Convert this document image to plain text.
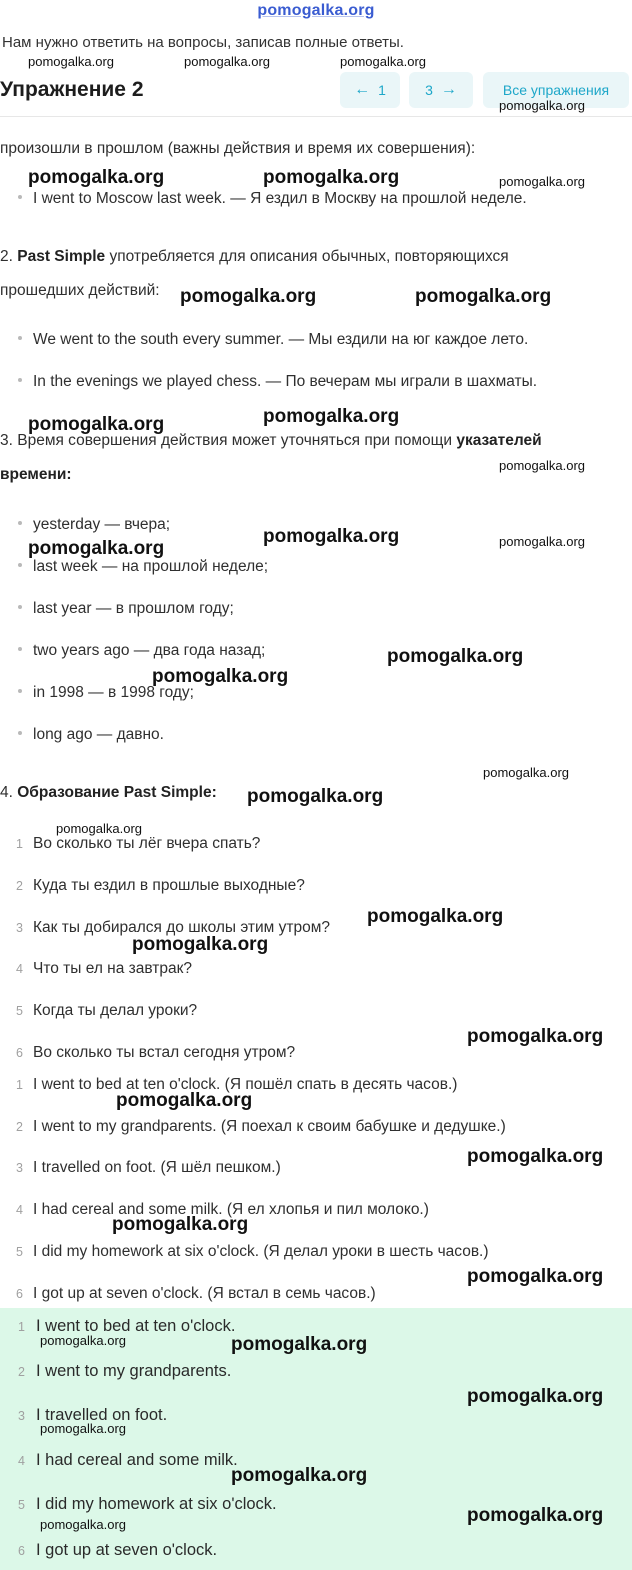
pomogalka.org
Нам нужно ответить на вопросы, записав полные ответы.
pomogalka.org	pomogalka.org	pomogalka.org
Упражнение 2	← 1	3 →	Все упражнения
pomogalka.org
произошли в прошлом (важны действия и время их совершения):
pomogalka.org	pomogalka.org	pomogalka.org
I went to Moscow last week. — Я ездил в Москву на прошлой неделе.
2. Past Simple употребляется для описания обычных, повторяющихся
прошедших действий: pomogalka.org	pomogalka.org
We went to the south every summer. — Мы ездили на юг каждое лето.
In the evenings we played chess. — По вечерам мы играли в шахматы.
pomogalka.org	pomogalka.org
3. Время совершения действия может уточняться при помощи указателей
pomogalka.org
времени:
yesterday — вчера;
pomogalka.org
pomogalka.org	pomogalka.org
last week — на прошлой неделе;
last year — в прошлом году;
two years ago — два года назад;	pomogalka.org
pomogalka.org
in 1998 — в 1998 году;
long ago — давно.
pomogalka.org
4. Образование Past Simple: pomogalka.org
pomogalka.org
1 Во сколько ты лёг вчера спать?
2 Куда ты ездил в прошлые выходные?
pomogalka.org
3 Как ты добирался до школы этим утром?
pomogalka.org
4 Что ты ел на завтрак?
5 Когда ты делал уроки?
pomogalka.org
6 Во сколько ты встал сегодня утром?
1 I went to bed at ten o'clock. (Я пошёл спать в десять часов.)
pomogalka.org
2 I went to my grandparents. (Я поехал к своим бабушке и дедушке.)
pomogalka.org
3 I travelled on foot. (Я шёл пешком.)
4 I had cereal and some milk. (Я ел хлопья и пил молоко.)
pomogalka.org
5 I did my homework at six o'clock. (Я делал уроки в шесть часов.)
pomogalka.org
6 I got up at seven o'clock. (Я встал в семь часов.)
1 I went to bed at ten o'clock.
pomogalka.org	pomogalka.org
2 I went to my grandparents.
pomogalka.org
3 I travelled on foot.
pomogalka.org
4 I had cereal and some milk.
pomogalka.org
5 I did my homework at six o'clock.
pomogalka.org
pomogalka.org
6 I got up at seven o'clock.
